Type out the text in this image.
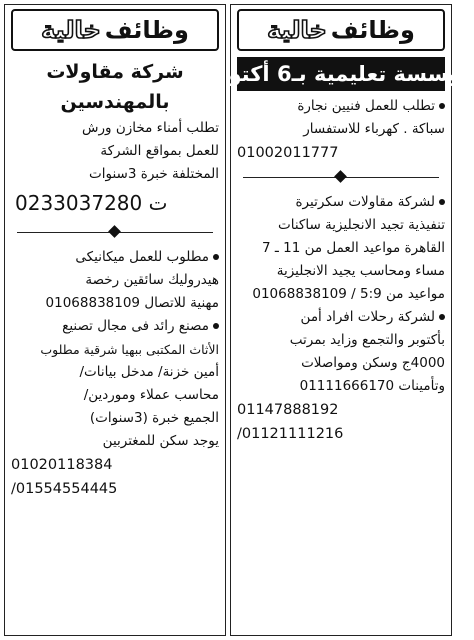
وظائف
خالية
مؤسسة تعليمية بـ6 أكتوبر
تطلب للعمل فنيين نجارة
سباكة . كهرباء للاستفسار
01002011777
لشركة مقاولات سكرتيرة
تنفيذية تجيد الانجليزية ساكنات
القاهرة مواعيد العمل من 11 ـ 7
مساء ومحاسب يجيد الانجليزية
مواعيد من 5:9 / 01068838109
لشركة رحلات افراد أمن
بأكتوبر والتجمع وزايد بمرتب
4000ج وسكن ومواصلات
وتأمينات 01111666170
01147888192 /01121111216
وظائف
خالية
شركة مقاولات بالمهندسين
تطلب أمناء مخازن ورش
للعمل بمواقع الشركة
المختلفة خبرة 3سنوات
0233037280 ت
مطلوب للعمل ميكانيكى
هيدروليك سائقين رخصة
مهنية للاتصال 01068838109
مصنع رائد فى مجال تصنيع
الأثاث المكتبى ببهيا شرقية مطلوب
أمين خزنة/ مدخل بيانات/
محاسب عملاء وموردين/
الجميع خبرة (3سنوات)
يوجد سكن للمغتربين
01020118384 /01554554445
